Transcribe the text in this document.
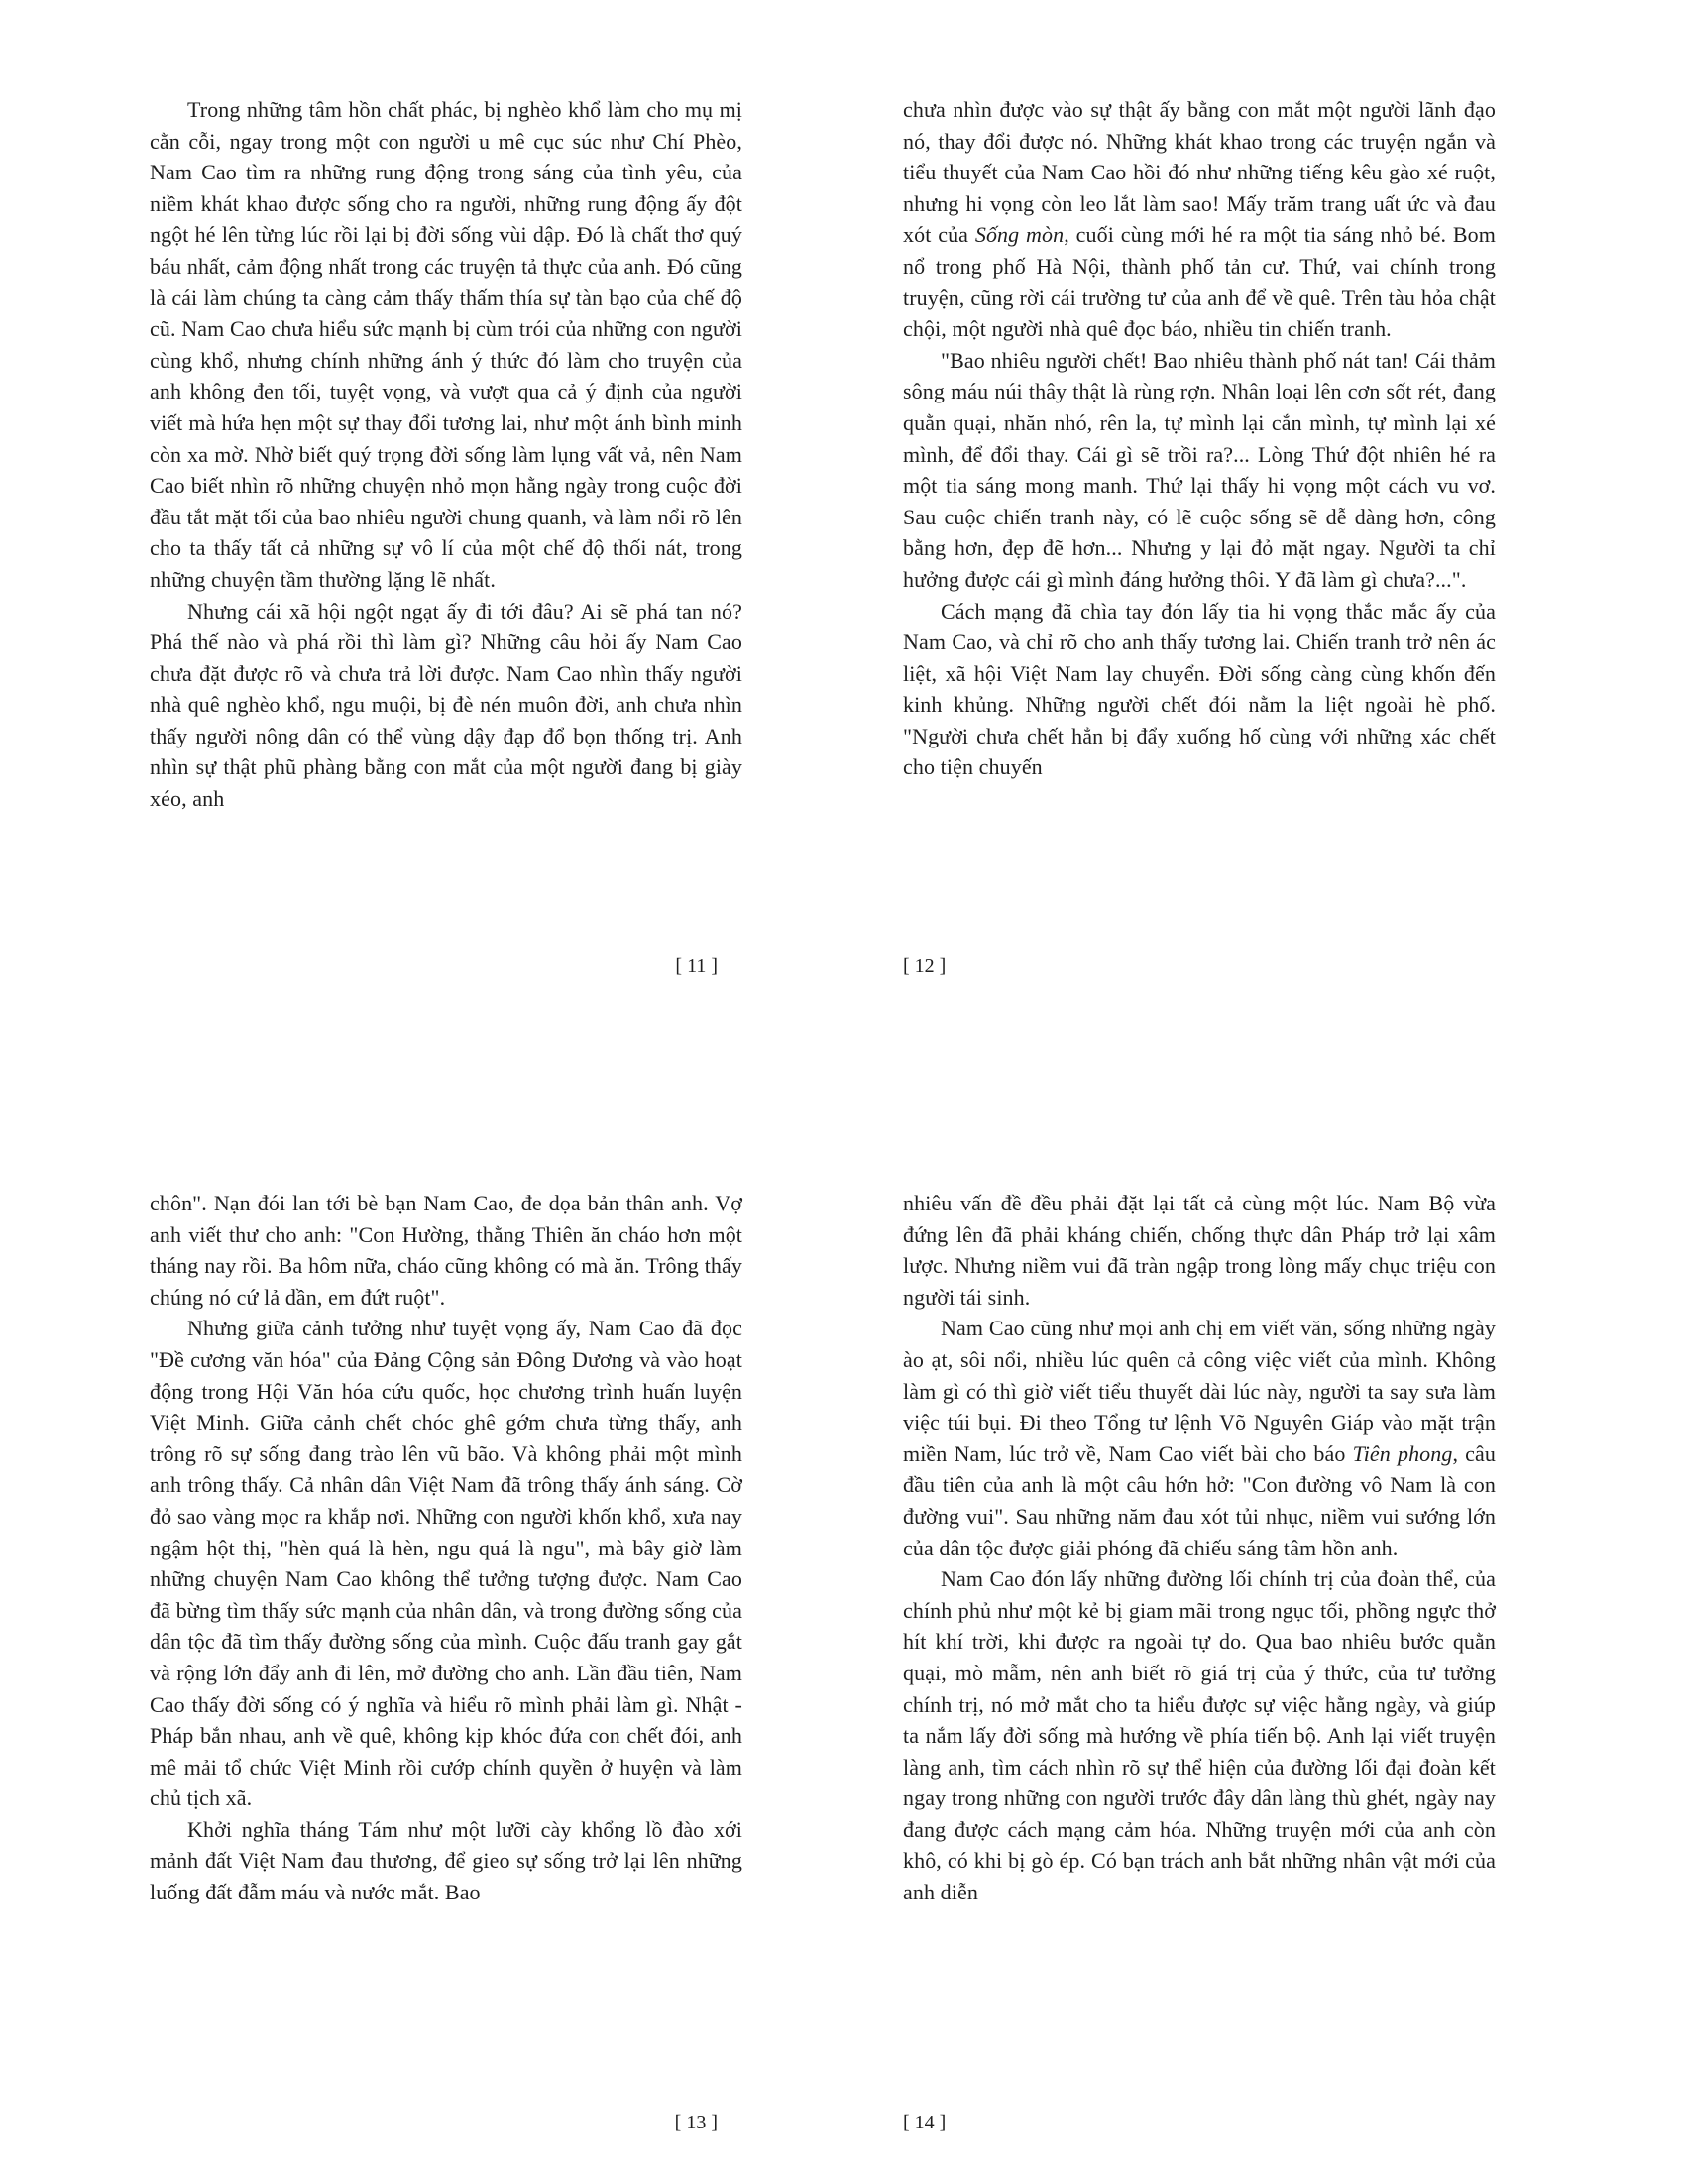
Trong những tâm hồn chất phác, bị nghèo khổ làm cho mụ mị cằn cỗi, ngay trong một con người u mê cục súc như Chí Phèo, Nam Cao tìm ra những rung động trong sáng của tình yêu, của niềm khát khao được sống cho ra người, những rung động ấy đột ngột hé lên từng lúc rồi lại bị đời sống vùi dập. Đó là chất thơ quý báu nhất, cảm động nhất trong các truyện tả thực của anh. Đó cũng là cái làm chúng ta càng cảm thấy thấm thía sự tàn bạo của chế độ cũ. Nam Cao chưa hiểu sức mạnh bị cùm trói của những con người cùng khổ, nhưng chính những ánh ý thức đó làm cho truyện của anh không đen tối, tuyệt vọng, và vượt qua cả ý định của người viết mà hứa hẹn một sự thay đổi tương lai, như một ánh bình minh còn xa mờ. Nhờ biết quý trọng đời sống làm lụng vất vả, nên Nam Cao biết nhìn rõ những chuyện nhỏ mọn hằng ngày trong cuộc đời đầu tắt mặt tối của bao nhiêu người chung quanh, và làm nổi rõ lên cho ta thấy tất cả những sự vô lí của một chế độ thối nát, trong những chuyện tầm thường lặng lẽ nhất.

Nhưng cái xã hội ngột ngạt ấy đi tới đâu? Ai sẽ phá tan nó? Phá thế nào và phá rồi thì làm gì? Những câu hỏi ấy Nam Cao chưa đặt được rõ và chưa trả lời được. Nam Cao nhìn thấy người nhà quê nghèo khổ, ngu muội, bị đè nén muôn đời, anh chưa nhìn thấy người nông dân có thể vùng dậy đạp đổ bọn thống trị. Anh nhìn sự thật phũ phàng bằng con mắt của một người đang bị giày xéo, anh

[ 11 ]

chưa nhìn được vào sự thật ấy bằng con mắt một người lãnh đạo nó, thay đổi được nó. Những khát khao trong các truyện ngắn và tiểu thuyết của Nam Cao hồi đó như những tiếng kêu gào xé ruột, nhưng hi vọng còn leo lắt làm sao! Mấy trăm trang uất ức và đau xót của Sống mòn, cuối cùng mới hé ra một tia sáng nhỏ bé. Bom nổ trong phố Hà Nội, thành phố tản cư. Thứ, vai chính trong truyện, cũng rời cái trường tư của anh để về quê. Trên tàu hỏa chật chội, một người nhà quê đọc báo, nhiều tin chiến tranh.

"Bao nhiêu người chết! Bao nhiêu thành phố nát tan! Cái thảm sông máu núi thây thật là rùng rợn. Nhân loại lên cơn sốt rét, đang quằn quại, nhăn nhó, rên la, tự mình lại cắn mình, tự mình lại xé mình, để đổi thay. Cái gì sẽ trồi ra?... Lòng Thứ đột nhiên hé ra một tia sáng mong manh. Thứ lại thấy hi vọng một cách vu vơ. Sau cuộc chiến tranh này, có lẽ cuộc sống sẽ dễ dàng hơn, công bằng hơn, đẹp đẽ hơn... Nhưng y lại đỏ mặt ngay. Người ta chỉ hưởng được cái gì mình đáng hưởng thôi. Y đã làm gì chưa?...".

Cách mạng đã chìa tay đón lấy tia hi vọng thắc mắc ấy của Nam Cao, và chỉ rõ cho anh thấy tương lai. Chiến tranh trở nên ác liệt, xã hội Việt Nam lay chuyển. Đời sống càng cùng khốn đến kinh khủng. Những người chết đói nằm la liệt ngoài hè phố. "Người chưa chết hẳn bị đẩy xuống hố cùng với những xác chết cho tiện chuyến

[ 12 ]

chôn". Nạn đói lan tới bè bạn Nam Cao, đe dọa bản thân anh. Vợ anh viết thư cho anh: "Con Hường, thằng Thiên ăn cháo hơn một tháng nay rồi. Ba hôm nữa, cháo cũng không có mà ăn. Trông thấy chúng nó cứ lả dần, em đứt ruột".

Nhưng giữa cảnh tưởng như tuyệt vọng ấy, Nam Cao đã đọc "Đề cương văn hóa" của Đảng Cộng sản Đông Dương và vào hoạt động trong Hội Văn hóa cứu quốc, học chương trình huấn luyện Việt Minh. Giữa cảnh chết chóc ghê gớm chưa từng thấy, anh trông rõ sự sống đang trào lên vũ bão. Và không phải một mình anh trông thấy. Cả nhân dân Việt Nam đã trông thấy ánh sáng. Cờ đỏ sao vàng mọc ra khắp nơi. Những con người khốn khổ, xưa nay ngậm hột thị, "hèn quá là hèn, ngu quá là ngu", mà bây giờ làm những chuyện Nam Cao không thể tưởng tượng được. Nam Cao đã bừng tìm thấy sức mạnh của nhân dân, và trong đường sống của dân tộc đã tìm thấy đường sống của mình. Cuộc đấu tranh gay gắt và rộng lớn đẩy anh đi lên, mở đường cho anh. Lần đầu tiên, Nam Cao thấy đời sống có ý nghĩa và hiểu rõ mình phải làm gì. Nhật - Pháp bắn nhau, anh về quê, không kịp khóc đứa con chết đói, anh mê mải tổ chức Việt Minh rồi cướp chính quyền ở huyện và làm chủ tịch xã.

Khởi nghĩa tháng Tám như một lưỡi cày khổng lồ đào xới mảnh đất Việt Nam đau thương, để gieo sự sống trở lại lên những luống đất đẫm máu và nước mắt. Bao

[ 13 ]

nhiêu vấn đề đều phải đặt lại tất cả cùng một lúc. Nam Bộ vừa đứng lên đã phải kháng chiến, chống thực dân Pháp trở lại xâm lược. Nhưng niềm vui đã tràn ngập trong lòng mấy chục triệu con người tái sinh.

Nam Cao cũng như mọi anh chị em viết văn, sống những ngày ào ạt, sôi nổi, nhiều lúc quên cả công việc viết của mình. Không làm gì có thì giờ viết tiểu thuyết dài lúc này, người ta say sưa làm việc túi bụi. Đi theo Tổng tư lệnh Võ Nguyên Giáp vào mặt trận miền Nam, lúc trở về, Nam Cao viết bài cho báo Tiên phong, câu đầu tiên của anh là một câu hớn hở: "Con đường vô Nam là con đường vui". Sau những năm đau xót tủi nhục, niềm vui sướng lớn của dân tộc được giải phóng đã chiếu sáng tâm hồn anh.

Nam Cao đón lấy những đường lối chính trị của đoàn thể, của chính phủ như một kẻ bị giam mãi trong ngục tối, phồng ngực thở hít khí trời, khi được ra ngoài tự do. Qua bao nhiêu bước quằn quại, mò mẫm, nên anh biết rõ giá trị của ý thức, của tư tưởng chính trị, nó mở mắt cho ta hiểu được sự việc hằng ngày, và giúp ta nắm lấy đời sống mà hướng về phía tiến bộ. Anh lại viết truyện làng anh, tìm cách nhìn rõ sự thể hiện của đường lối đại đoàn kết ngay trong những con người trước đây dân làng thù ghét, ngày nay đang được cách mạng cảm hóa. Những truyện mới của anh còn khô, có khi bị gò ép. Có bạn trách anh bắt những nhân vật mới của anh diễn

[ 14 ]
